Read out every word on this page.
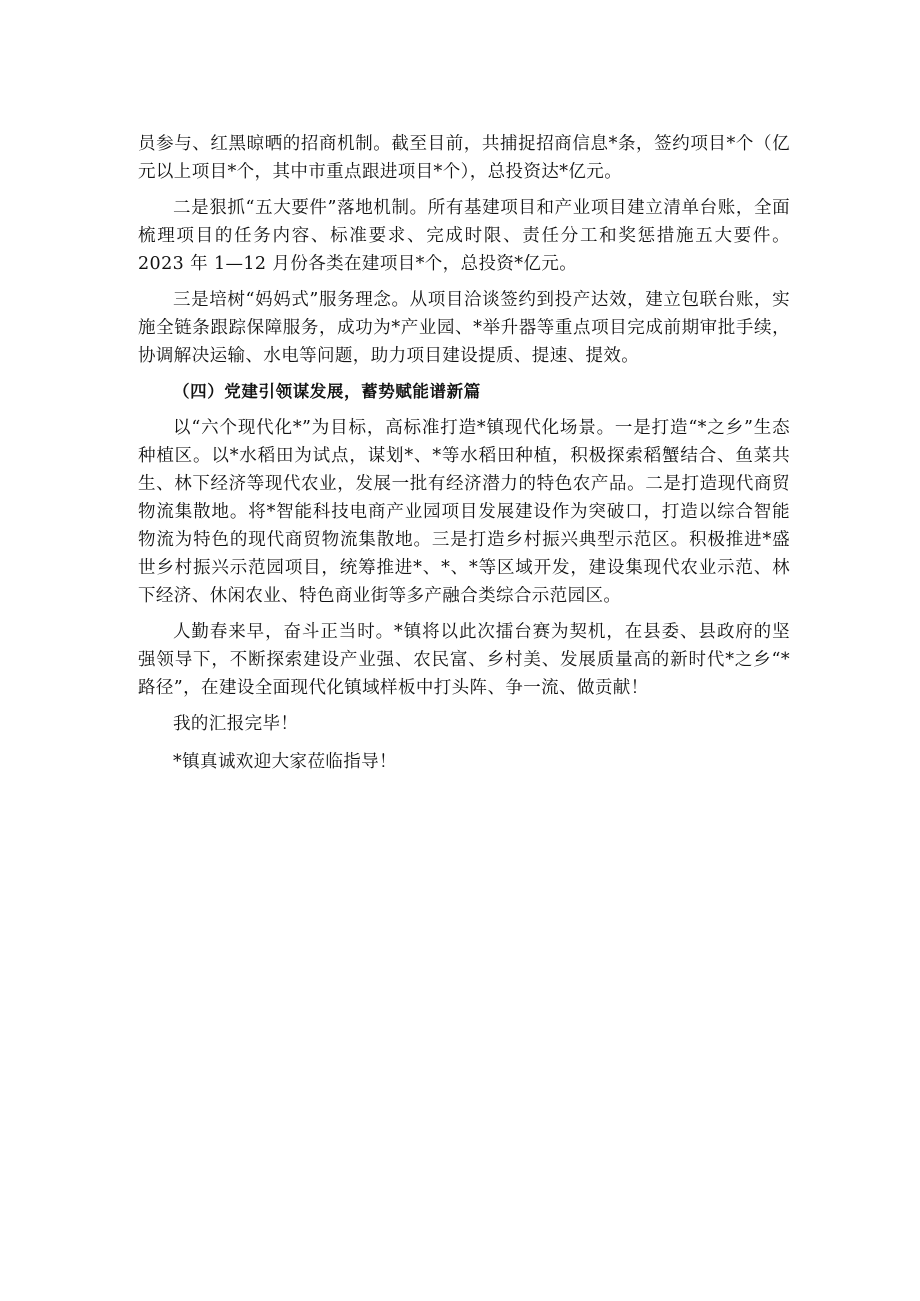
员参与、红黑晾晒的招商机制。截至目前，共捕捉招商信息*条，签约项目*个（亿元以上项目*个，其中市重点跟进项目*个），总投资达*亿元。

二是狠抓“五大要件”落地机制。所有基建项目和产业项目建立清单台账，全面梳理项目的任务内容、标准要求、完成时限、责任分工和奖惩措施五大要件。2023 年 1—12 月份各类在建项目*个，总投资*亿元。

三是培树“妈妈式”服务理念。从项目洽谈签约到投产达效，建立包联台账，实施全链条跟踪保障服务，成功为*产业园、*举升器等重点项目完成前期审批手续，协调解决运输、水电等问题，助力项目建设提质、提速、提效。

（四）党建引领谋发展，蓄势赋能谱新篇

以“六个现代化*”为目标，高标准打造*镇现代化场景。一是打造“*之乡”生态种植区。以*水稻田为试点，谋划*、*等水稻田种植，积极探索稻蟹结合、鱼菜共生、林下经济等现代农业，发展一批有经济潜力的特色农产品。二是打造现代商贸物流集散地。将*智能科技电商产业园项目发展建设作为突破口，打造以综合智能物流为特色的现代商贸物流集散地。三是打造乡村振兴典型示范区。积极推进*盛世乡村振兴示范园项目，统筹推进*、*、*等区域开发，建设集现代农业示范、林下经济、休闲农业、特色商业街等多产融合类综合示范园区。

人勤春来早，奋斗正当时。*镇将以此次擂台赛为契机，在县委、县政府的坚强领导下，不断探索建设产业强、农民富、乡村美、发展质量高的新时代*之乡“*路径”，在建设全面现代化镇域样板中打头阵、争一流、做贡献！

我的汇报完毕！

*镇真诚欢迎大家莅临指导！
